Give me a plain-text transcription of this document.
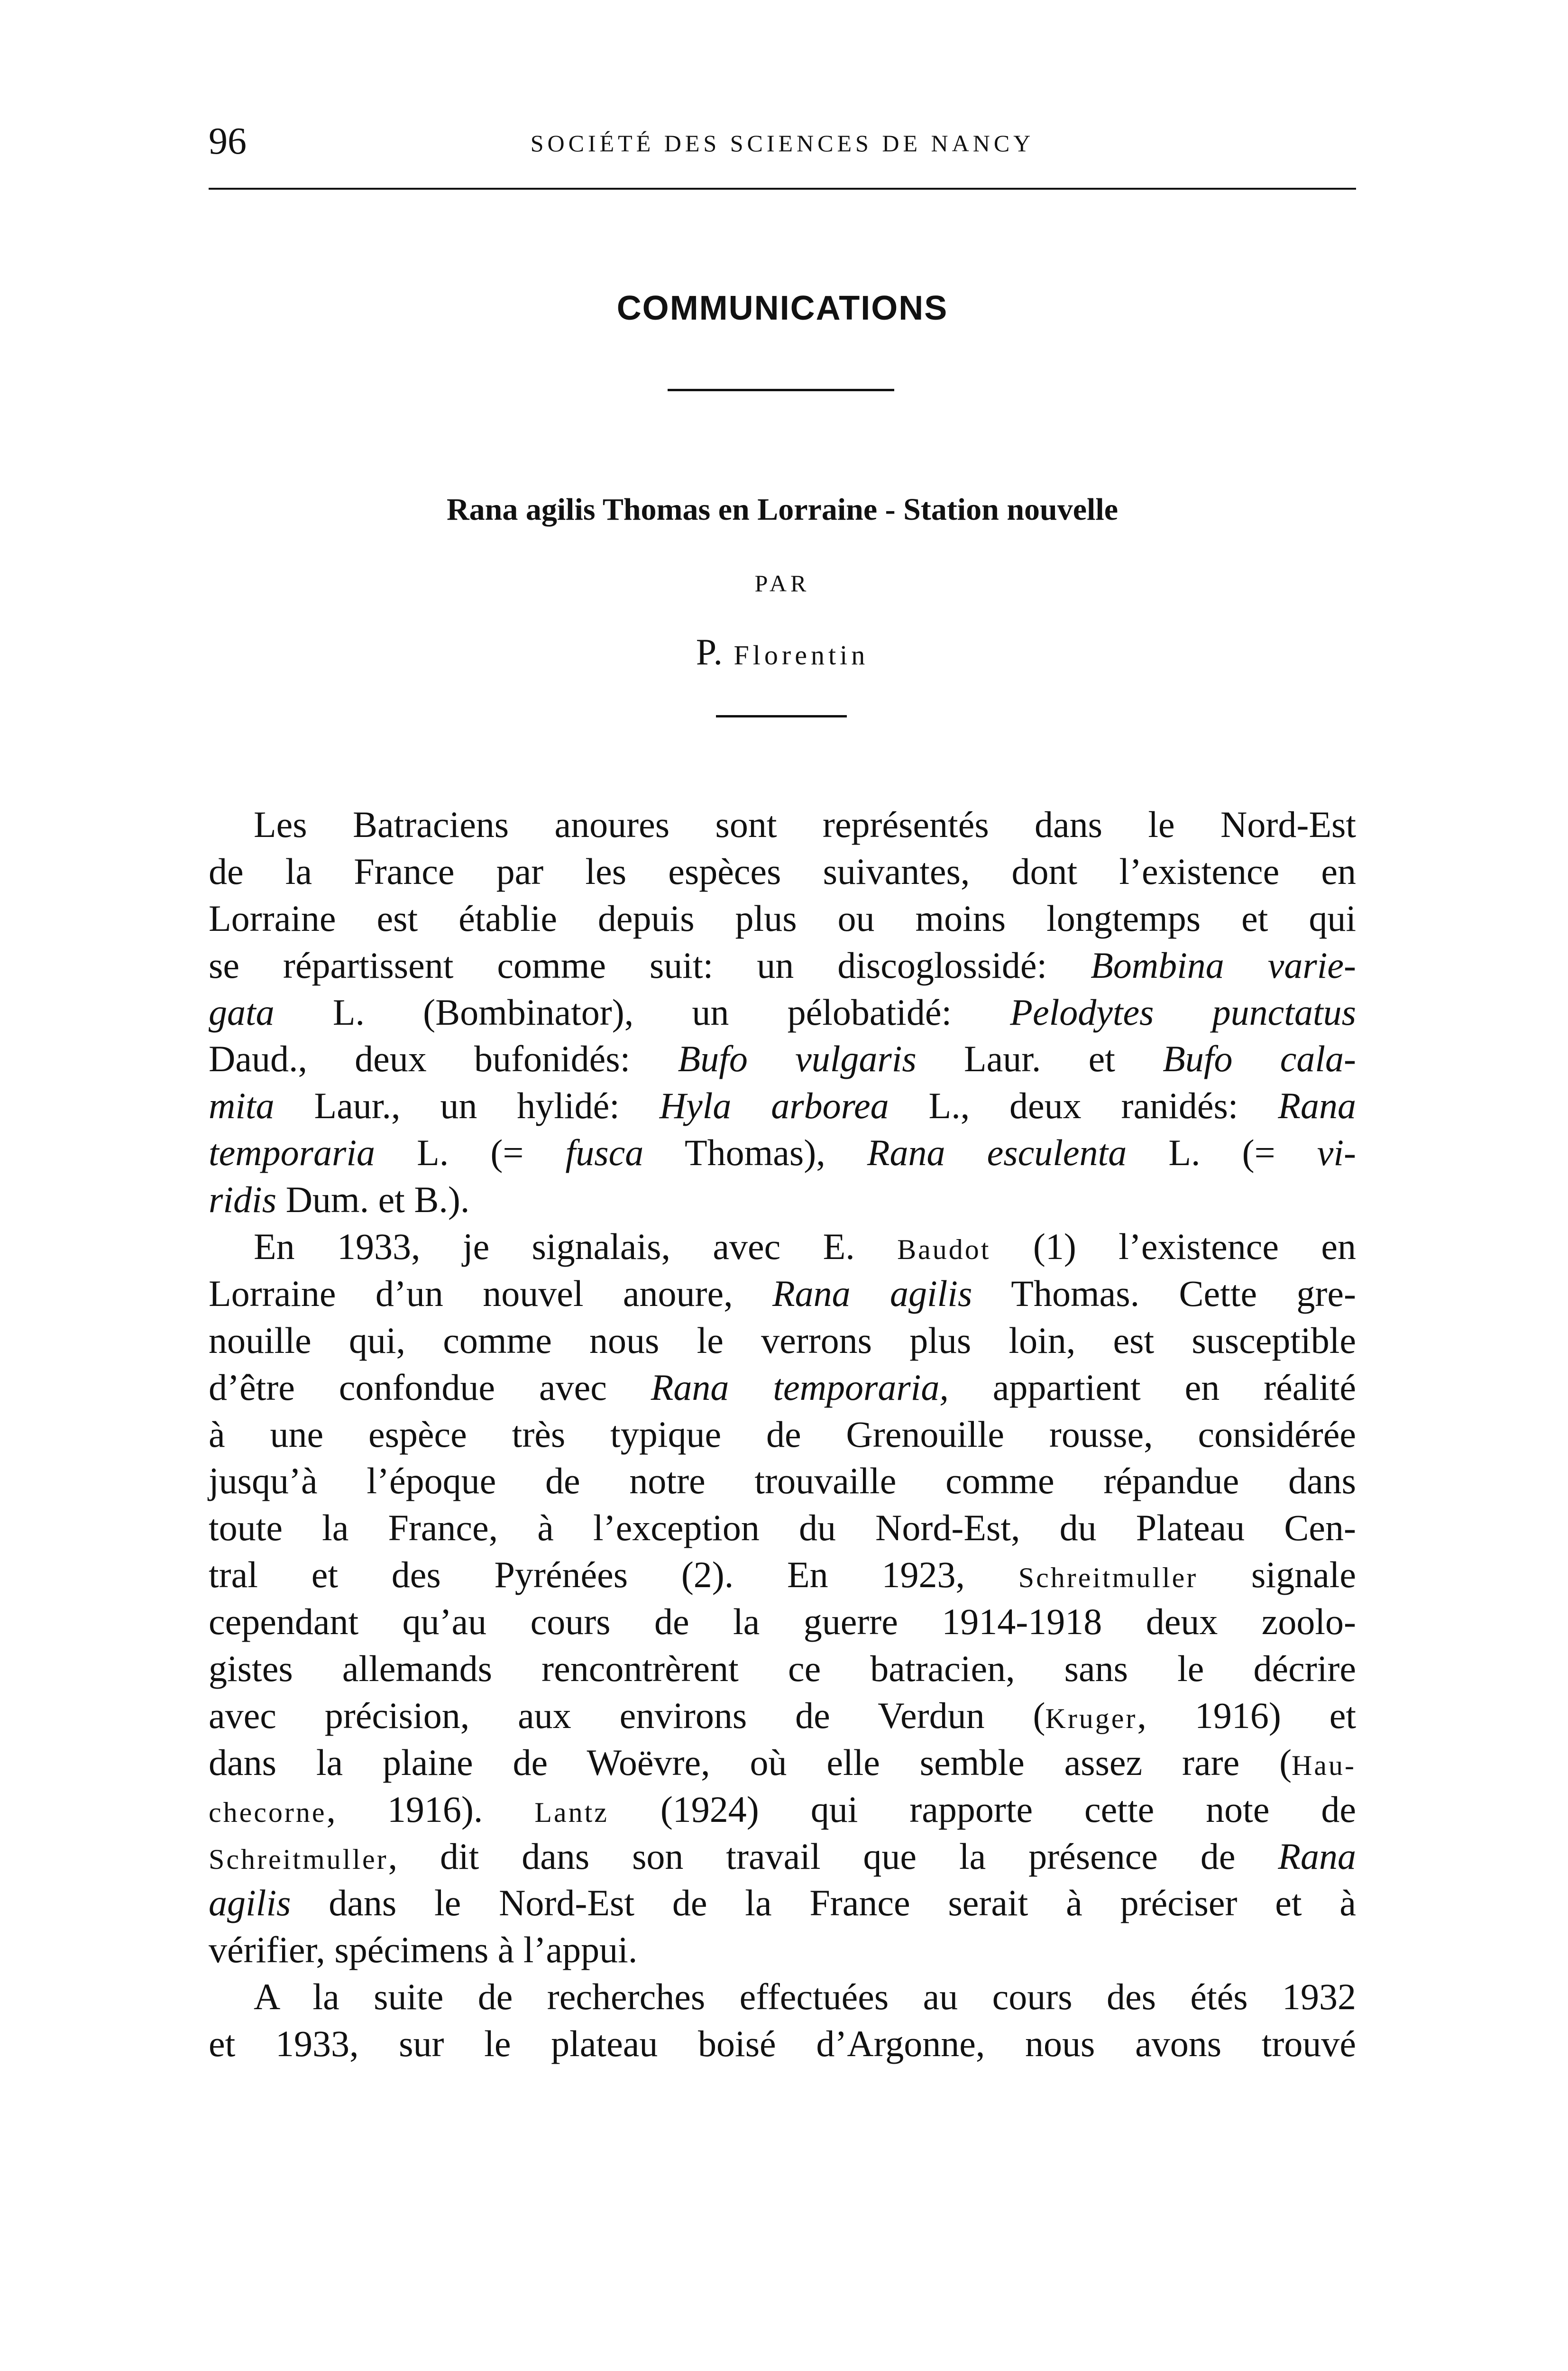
96	SOCIÉTÉ DES SCIENCES DE NANCY
COMMUNICATIONS
Rana agilis Thomas en Lorraine - Station nouvelle
PAR
P. Florentin
Les Batraciens anoures sont représentés dans le Nord-Est
de la France par les espèces suivantes, dont l’existence en
Lorraine est établie depuis plus ou moins longtemps et qui
se répartissent comme suit: un discoglossidé: Bombina varie-
gata L. (Bombinator), un pélobatidé: Pelodytes punctatus
Daud., deux bufonidés: Bufo vulgaris Laur. et Bufo cala-
mita Laur., un hylidé: Hyla arborea L., deux ranidés: Rana
temporaria L. (= fusca Thomas), Rana esculenta L. (= vi-
ridis Dum. et B.).
En 1933, je signalais, avec E. Baudot (1) l’existence en
Lorraine d’un nouvel anoure, Rana agilis Thomas. Cette gre-
nouille qui, comme nous le verrons plus loin, est susceptible
d’être confondue avec Rana temporaria, appartient en réalité
à une espèce très typique de Grenouille rousse, considérée
jusqu’à l’époque de notre trouvaille comme répandue dans
toute la France, à l’exception du Nord-Est, du Plateau Cen-
tral et des Pyrénées (2). En 1923, Schreitmuller signale
cependant qu’au cours de la guerre 1914-1918 deux zoolo-
gistes allemands rencontrèrent ce batracien, sans le décrire
avec précision, aux environs de Verdun (Kruger, 1916) et
dans la plaine de Woëvre, où elle semble assez rare (Hau-
checorne, 1916). Lantz (1924) qui rapporte cette note de
Schreitmuller, dit dans son travail que la présence de Rana
agilis dans le Nord-Est de la France serait à préciser et à
vérifier, spécimens à l’appui.
A la suite de recherches effectuées au cours des étés 1932
et 1933, sur le plateau boisé d’Argonne, nous avons trouvé
